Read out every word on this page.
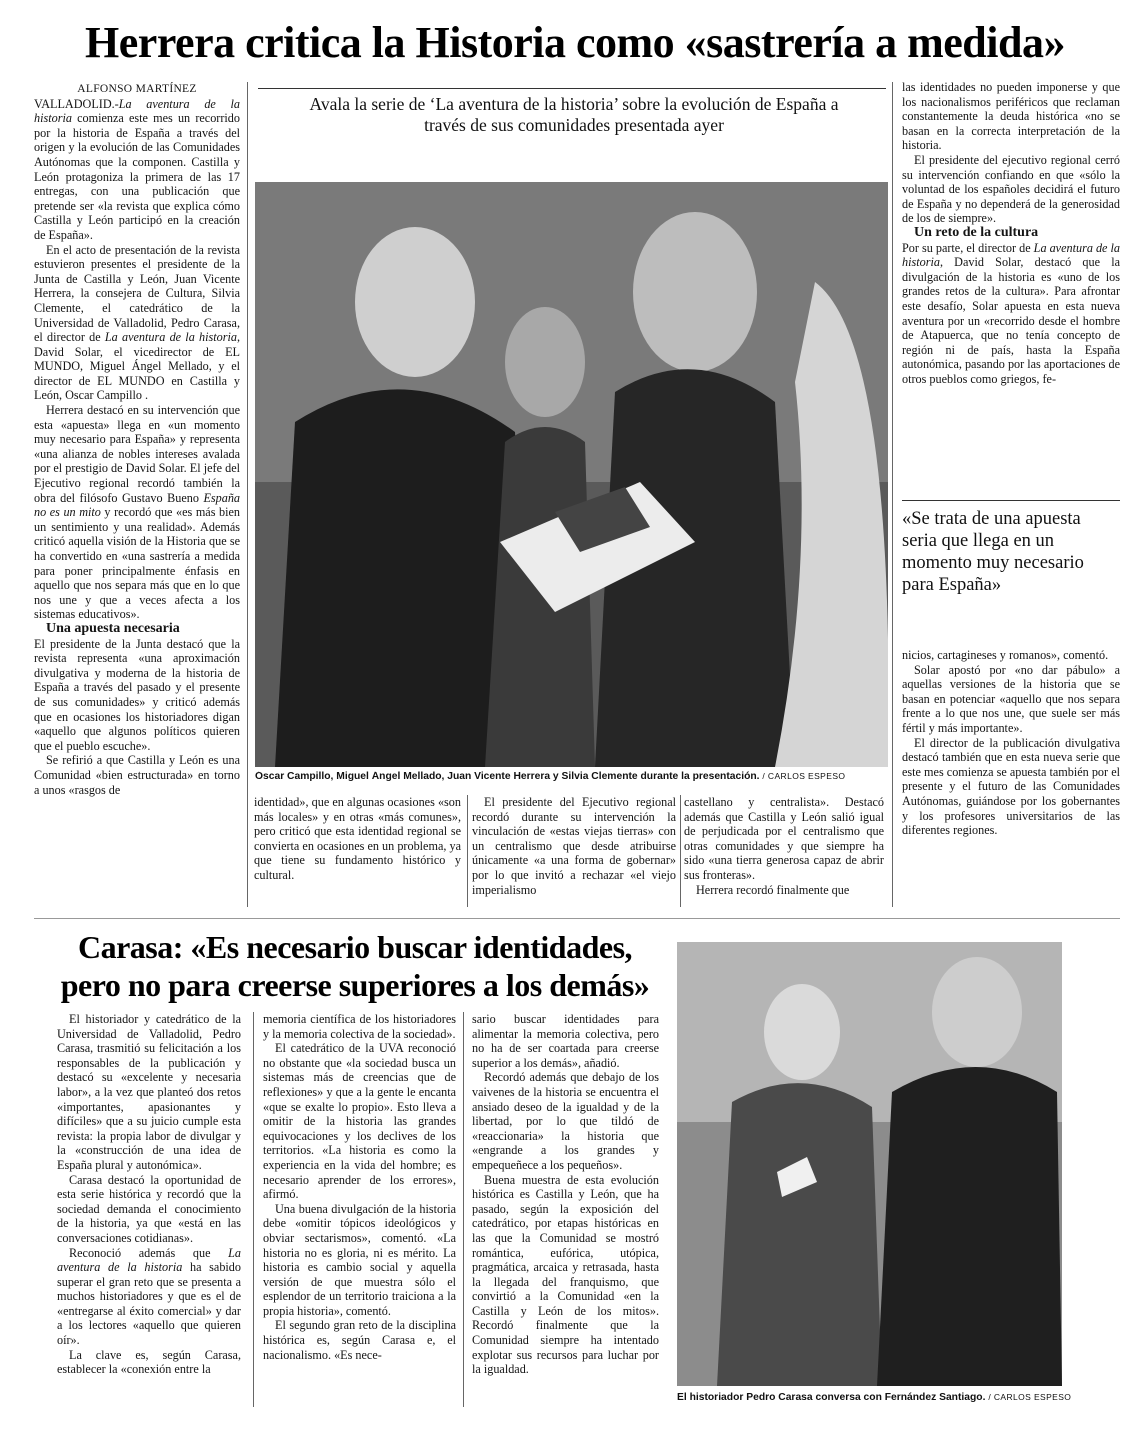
Herrera critica la Historia como «sastrería a medida»
ALFONSO MARTÍNEZ

VALLADOLID.-La aventura de la historia comienza este mes un recorrido por la historia de España a través del origen y la evolución de las Comunidades Autónomas que la componen. Castilla y León protagoniza la primera de las 17 entregas, con una publicación que pretende ser «la revista que explica cómo Castilla y León participó en la creación de España».

En el acto de presentación de la revista estuvieron presentes el presidente de la Junta de Castilla y León, Juan Vicente Herrera, la consejera de Cultura, Silvia Clemente, el catedrático de la Universidad de Valladolid, Pedro Carasa, el director de La aventura de la historia, David Solar, el vicedirector de EL MUNDO, Miguel Ángel Mellado, y el director de EL MUNDO en Castilla y León, Oscar Campillo .

Herrera destacó en su intervención que esta «apuesta» llega en «un momento muy necesario para España» y representa «una alianza de nobles intereses avalada por el prestigio de David Solar. El jefe del Ejecutivo regional recordó también la obra del filósofo Gustavo Bueno España no es un mito y recordó que «es más bien un sentimiento y una realidad». Además criticó aquella visión de la Historia que se ha convertido en «una sastrería a medida para poner principalmente énfasis en aquello que nos separa más que en lo que nos une y que a veces afecta a los sistemas educativos».

Una apuesta necesaria

El presidente de la Junta destacó que la revista representa «una aproximación divulgativa y moderna de la historia de España a través del pasado y el presente de sus comunidades» y criticó además que en ocasiones los historiadores digan «aquello que algunos políticos quieren que el pueblo escuche».

Se refirió a que Castilla y León es una Comunidad «bien estructurada» en torno a unos «rasgos de

Avala la serie de ‘La aventura de la historia’ sobre la evolución de España a través de sus comunidades presentada ayer
Óscar Campillo, Miguel Ángel Mellado, Juan Vicente Herrera y Silvia Clemente durante la presentación. / CARLOS ESPESO

identidad», que en algunas ocasiones «son más locales» y en otras «más comunes», pero criticó que esta identidad regional se convierta en ocasiones en un problema, ya que tiene su fundamento histórico y cultural.

El presidente del Ejecutivo regional recordó durante su intervención la vinculación de «estas viejas tierras» con un centralismo que desde atribuirse únicamente «a una forma de gobernar» por lo que invitó a rechazar «el viejo imperialismo

castellano y centralista». Destacó además que Castilla y León salió igual de perjudicada por el centralismo que otras comunidades y que siempre ha sido «una tierra generosa capaz de abrir sus fronteras».

Herrera recordó finalmente que

las identidades no pueden imponerse y que los nacionalismos periféricos que reclaman constantemente la deuda histórica «no se basan en la correcta interpretación de la historia.

El presidente del ejecutivo regional cerró su intervención confiando en que «sólo la voluntad de los españoles decidirá el futuro de España y no dependerá de la generosidad de los de siempre».

Un reto de la cultura

Por su parte, el director de La aventura de la historia, David Solar, destacó que la divulgación de la historia es «uno de los grandes retos de la cultura». Para afrontar este desafío, Solar apuesta en esta nueva aventura por un «recorrido desde el hombre de Atapuerca, que no tenía concepto de región ni de país, hasta la España autonómica, pasando por las aportaciones de otros pueblos como griegos, fe-

«Se trata de una apuesta seria que llega en un momento muy necesario para España»

nicios, cartagineses y romanos», comentó.

Solar apostó por «no dar pábulo» a aquellas versiones de la historia que se basan en potenciar «aquello que nos separa frente a lo que nos une, que suele ser más fértil y más importante».

El director de la publicación divulgativa destacó también que en esta nueva serie que este mes comienza se apuesta también por el presente y el futuro de las Comunidades Autónomas, guiándose por los gobernantes y los profesores universitarios de las diferentes regiones.

Carasa: «Es necesario buscar identidades,
pero no para creerse superiores a los demás»

El historiador y catedrático de la Universidad de Valladolid, Pedro Carasa, trasmitió su felicitación a los responsables de la publicación y destacó su «excelente y necesaria labor», a la vez que planteó dos retos «importantes, apasionantes y difíciles» que a su juicio cumple esta revista: la propia labor de divulgar y la «construcción de una idea de España plural y autonómica».

Carasa destacó la oportunidad de esta serie histórica y recordó que la sociedad demanda el conocimiento de la historia, ya que «está en las conversaciones cotidianas».

Reconoció además que La aventura de la historia ha sabido superar el gran reto que se presenta a muchos historiadores y que es el de «entregarse al éxito comercial» y dar a los lectores «aquello que quieren oír».

La clave es, según Carasa, establecer la «conexión entre la

memoria científica de los historiadores y la memoria colectiva de la sociedad».

El catedrático de la UVA reconoció no obstante que «la sociedad busca un sistemas más de creencias que de reflexiones» y que a la gente le encanta «que se exalte lo propio». Esto lleva a omitir de la historia las grandes equivocaciones y los declives de los territorios. «La historia es como la experiencia en la vida del hombre; es necesario aprender de los errores», afirmó.

Una buena divulgación de la historia debe «omitir tópicos ideológicos y obviar sectarismos», comentó. «La historia no es gloria, ni es mérito. La historia es cambio social y aquella versión de que muestra sólo el esplendor de un territorio traiciona a la propia historia», comentó.

El segundo gran reto de la disciplina histórica es, según Carasa e, el nacionalismo. «Es nece-

sario buscar identidades para alimentar la memoria colectiva, pero no ha de ser coartada para creerse superior a los demás», añadió.

Recordó además que debajo de los vaivenes de la historia se encuentra el ansiado deseo de la igualdad y de la libertad, por lo que tildó de «reaccionaria» la historia que «engrande a los grandes y empequeñece a los pequeños».

Buena muestra de esta evolución histórica es Castilla y León, que ha pasado, según la exposición del catedrático, por etapas históricas en las que la Comunidad se mostró romántica, eufórica, utópica, pragmática, arcaica y retrasada, hasta la llegada del franquismo, que convirtió a la Comunidad «en la Castilla y León de los mitos». Recordó finalmente que la Comunidad siempre ha intentado explotar sus recursos para luchar por la igualdad.

El historiador Pedro Carasa conversa con Fernández Santiago. / CARLOS ESPESO
